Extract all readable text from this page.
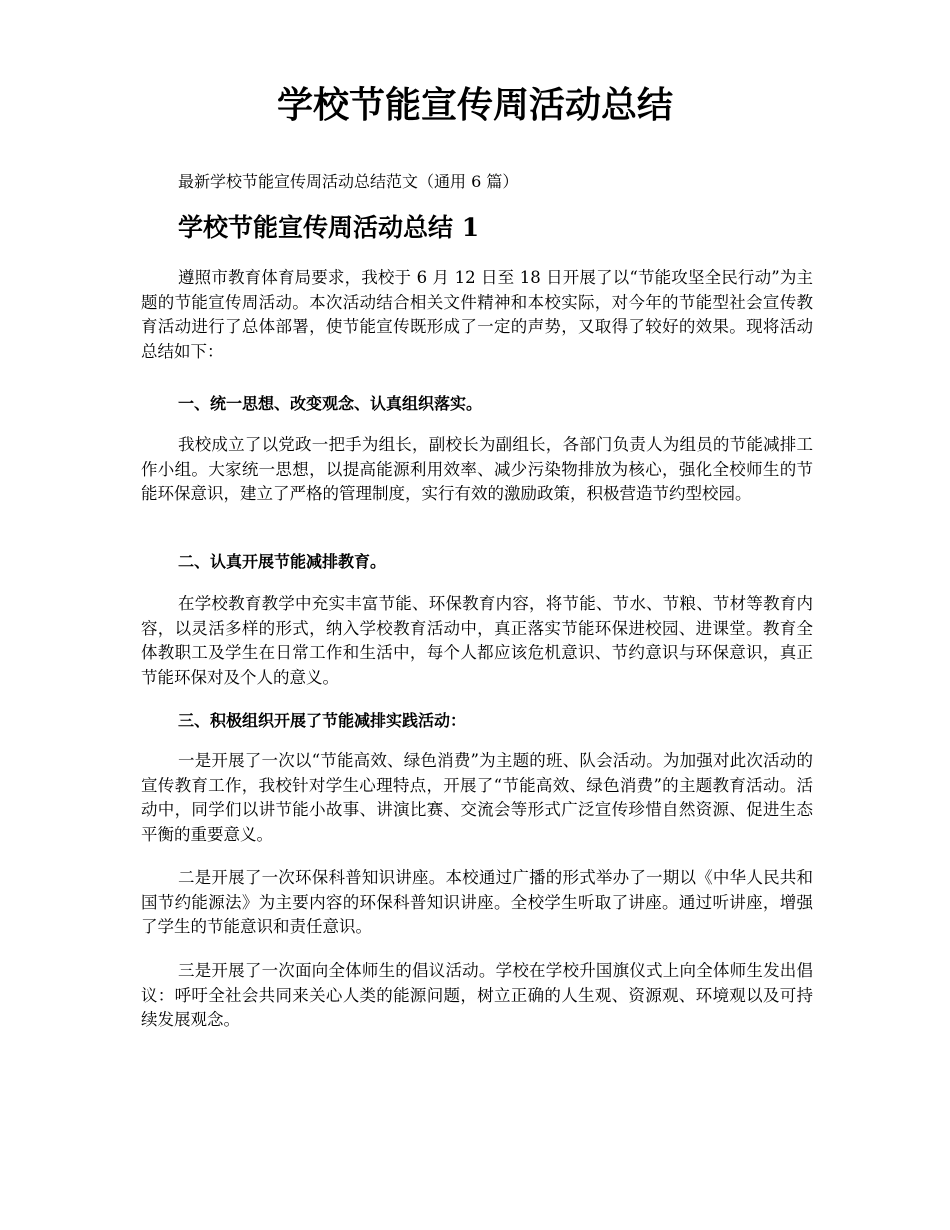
学校节能宣传周活动总结

最新学校节能宣传周活动总结范文（通用 6 篇）

学校节能宣传周活动总结 1

遵照市教育体育局要求，我校于 6 月 12 日至 18 日开展了以“节能攻坚全民行动”为主题的节能宣传周活动。本次活动结合相关文件精神和本校实际，对今年的节能型社会宣传教育活动进行了总体部署，使节能宣传既形成了一定的声势，又取得了较好的效果。现将活动总结如下：

一、统一思想、改变观念、认真组织落实。

我校成立了以党政一把手为组长，副校长为副组长，各部门负责人为组员的节能减排工作小组。大家统一思想，以提高能源利用效率、减少污染物排放为核心，强化全校师生的节能环保意识，建立了严格的管理制度，实行有效的激励政策，积极营造节约型校园。

二、认真开展节能减排教育。

在学校教育教学中充实丰富节能、环保教育内容，将节能、节水、节粮、节材等教育内容，以灵活多样的形式，纳入学校教育活动中，真正落实节能环保进校园、进课堂。教育全体教职工及学生在日常工作和生活中，每个人都应该危机意识、节约意识与环保意识，真正节能环保对及个人的意义。

三、积极组织开展了节能减排实践活动：

一是开展了一次以“节能高效、绿色消费”为主题的班、队会活动。为加强对此次活动的宣传教育工作，我校针对学生心理特点，开展了“节能高效、绿色消费”的主题教育活动。活动中，同学们以讲节能小故事、讲演比赛、交流会等形式广泛宣传珍惜自然资源、促进生态平衡的重要意义。

二是开展了一次环保科普知识讲座。本校通过广播的形式举办了一期以《中华人民共和国节约能源法》为主要内容的环保科普知识讲座。全校学生听取了讲座。通过听讲座，增强了学生的节能意识和责任意识。

三是开展了一次面向全体师生的倡议活动。学校在学校升国旗仪式上向全体师生发出倡议：呼吁全社会共同来关心人类的能源问题，树立正确的人生观、资源观、环境观以及可持续发展观念。
